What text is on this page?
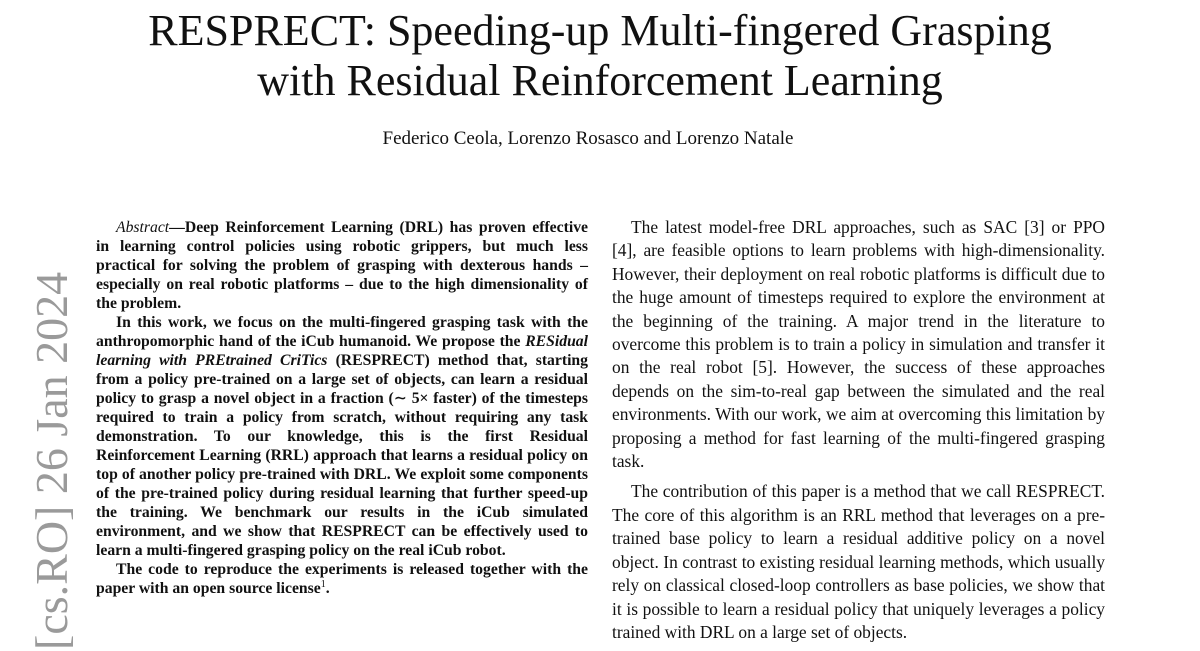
RESPRECT: Speeding-up Multi-fingered Grasping
with Residual Reinforcement Learning
Federico Ceola, Lorenzo Rosasco and Lorenzo Natale
[cs.RO] 26 Jan 2024

Abstract—Deep Reinforcement Learning (DRL) has proven effective in learning control policies using robotic grippers, but much less practical for solving the problem of grasping with dexterous hands – especially on real robotic platforms – due to the high dimensionality of the problem.

In this work, we focus on the multi-fingered grasping task with the anthropomorphic hand of the iCub humanoid. We propose the RESidual learning with PREtrained CriTics (RESPRECT) method that, starting from a policy pre-trained on a large set of objects, can learn a residual policy to grasp a novel object in a fraction (∼ 5× faster) of the timesteps required to train a policy from scratch, without requiring any task demonstration. To our knowledge, this is the first Residual Reinforcement Learning (RRL) approach that learns a residual policy on top of another policy pre-trained with DRL. We exploit some components of the pre-trained policy during residual learning that further speed-up the training. We benchmark our results in the iCub simulated environment, and we show that RESPRECT can be effectively used to learn a multi-fingered grasping policy on the real iCub robot.

The code to reproduce the experiments is released together with the paper with an open source license$^1$.

The latest model-free DRL approaches, such as SAC [3] or PPO [4], are feasible options to learn problems with high-dimensionality. However, their deployment on real robotic platforms is difficult due to the huge amount of timesteps required to explore the environment at the beginning of the training. A major trend in the literature to overcome this problem is to train a policy in simulation and transfer it on the real robot [5]. However, the success of these approaches depends on the sim-to-real gap between the simulated and the real environments. With our work, we aim at overcoming this limitation by proposing a method for fast learning of the multi-fingered grasping task.

The contribution of this paper is a method that we call RESPRECT. The core of this algorithm is an RRL method that leverages on a pre-trained base policy to learn a residual additive policy on a novel object. In contrast to existing residual learning methods, which usually rely on classical closed-loop controllers as base policies, we show that it is possible to learn a residual policy that uniquely leverages a policy trained with DRL on a large set of objects.
